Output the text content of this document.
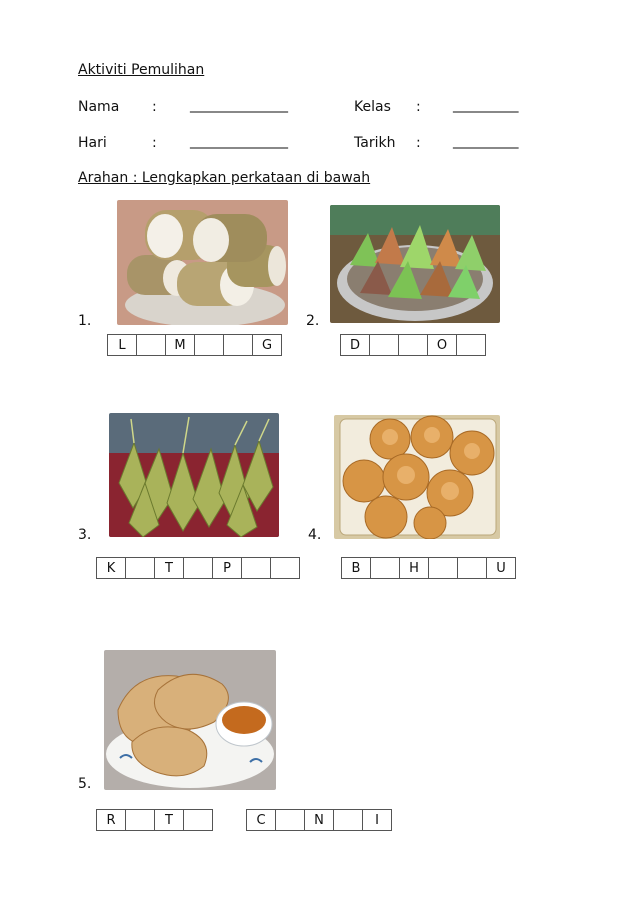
Aktiviti Pemulihan
Nama : _______________	Kelas : __________
Hari	: _______________	Tarikh : __________
Arahan : Lengkapkan perkataan di bawah
1.
L	M	G
2.
D	O
3.
K	T	P
4.
B	H	U
5.
R	T	C	N	I
